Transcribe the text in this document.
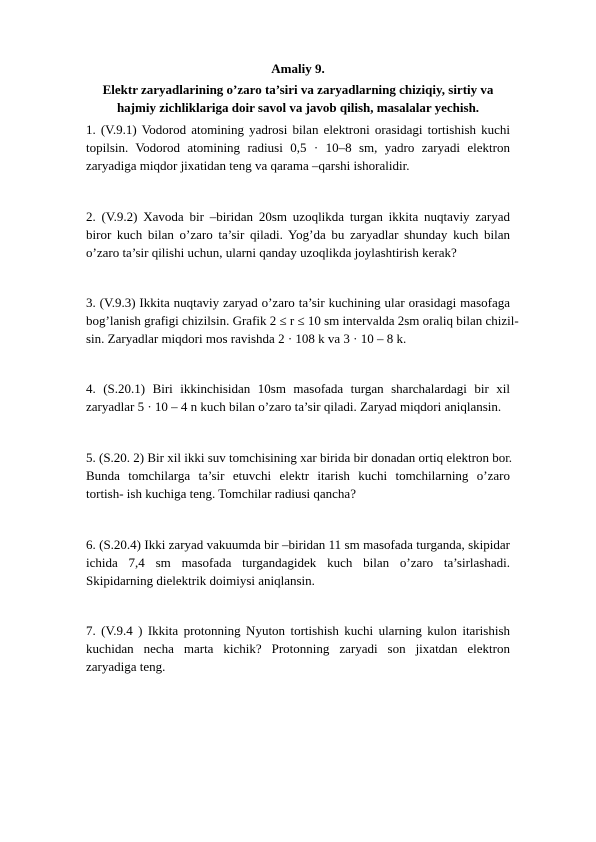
Amaliy 9.
Elektr zaryadlarining o’zaro ta’siri va zaryadlarning chiziqiy, sirtiy va
hajmiy zichliklariga doir savol va javob qilish, masalalar yechish.
1. (V.9.1) Vodorod atomining yadrosi bilan elektroni orasidagi tortishish kuchi
topilsin. Vodorod atomining radiusi 0,5 · 10–8 sm, yadro zaryadi elektron
zaryadiga miqdor jixatidan teng va qarama –qarshi ishoralidir.
2. (V.9.2) Xavoda bir –biridan 20sm uzoqlikda turgan ikkita nuqtaviy zaryad
biror kuch bilan o’zaro ta’sir qiladi. Yog’da bu zaryadlar shunday kuch bilan
o’zaro ta’sir qilishi uchun, ularni qanday uzoqlikda joylashtirish kerak?
3. (V.9.3) Ikkita nuqtaviy zaryad o’zaro ta’sir kuchining ular orasidagi masofaga
bog’lanish grafigi chizilsin. Grafik 2 ≤ r ≤ 10 sm intervalda 2sm oraliq bilan chizil-
sin. Zaryadlar miqdori mos ravishda 2 · 108 k va 3 · 10 – 8 k.
4. (S.20.1) Biri ikkinchisidan 10sm masofada turgan sharchalardagi bir xil
zaryadlar 5 · 10 – 4 n kuch bilan o’zaro ta’sir qiladi. Zaryad miqdori aniqlansin.
5. (S.20. 2) Bir xil ikki suv tomchisining xar birida bir donadan ortiq elektron bor.
Bunda tomchilarga ta’sir etuvchi elektr itarish kuchi tomchilarning o’zaro
tortish- ish kuchiga teng. Tomchilar radiusi qancha?
6. (S.20.4) Ikki zaryad vakuumda bir –biridan 11 sm masofada turganda, skipidar
ichida 7,4 sm masofada turgandagidek kuch bilan o’zaro ta’sirlashadi.
Skipidarning dielektrik doimiysi aniqlansin.
7. (V.9.4 ) Ikkita protonning Nyuton tortishish kuchi ularning kulon itarishish
kuchidan necha marta kichik? Protonning zaryadi son jixatdan elektron
zaryadiga teng.
